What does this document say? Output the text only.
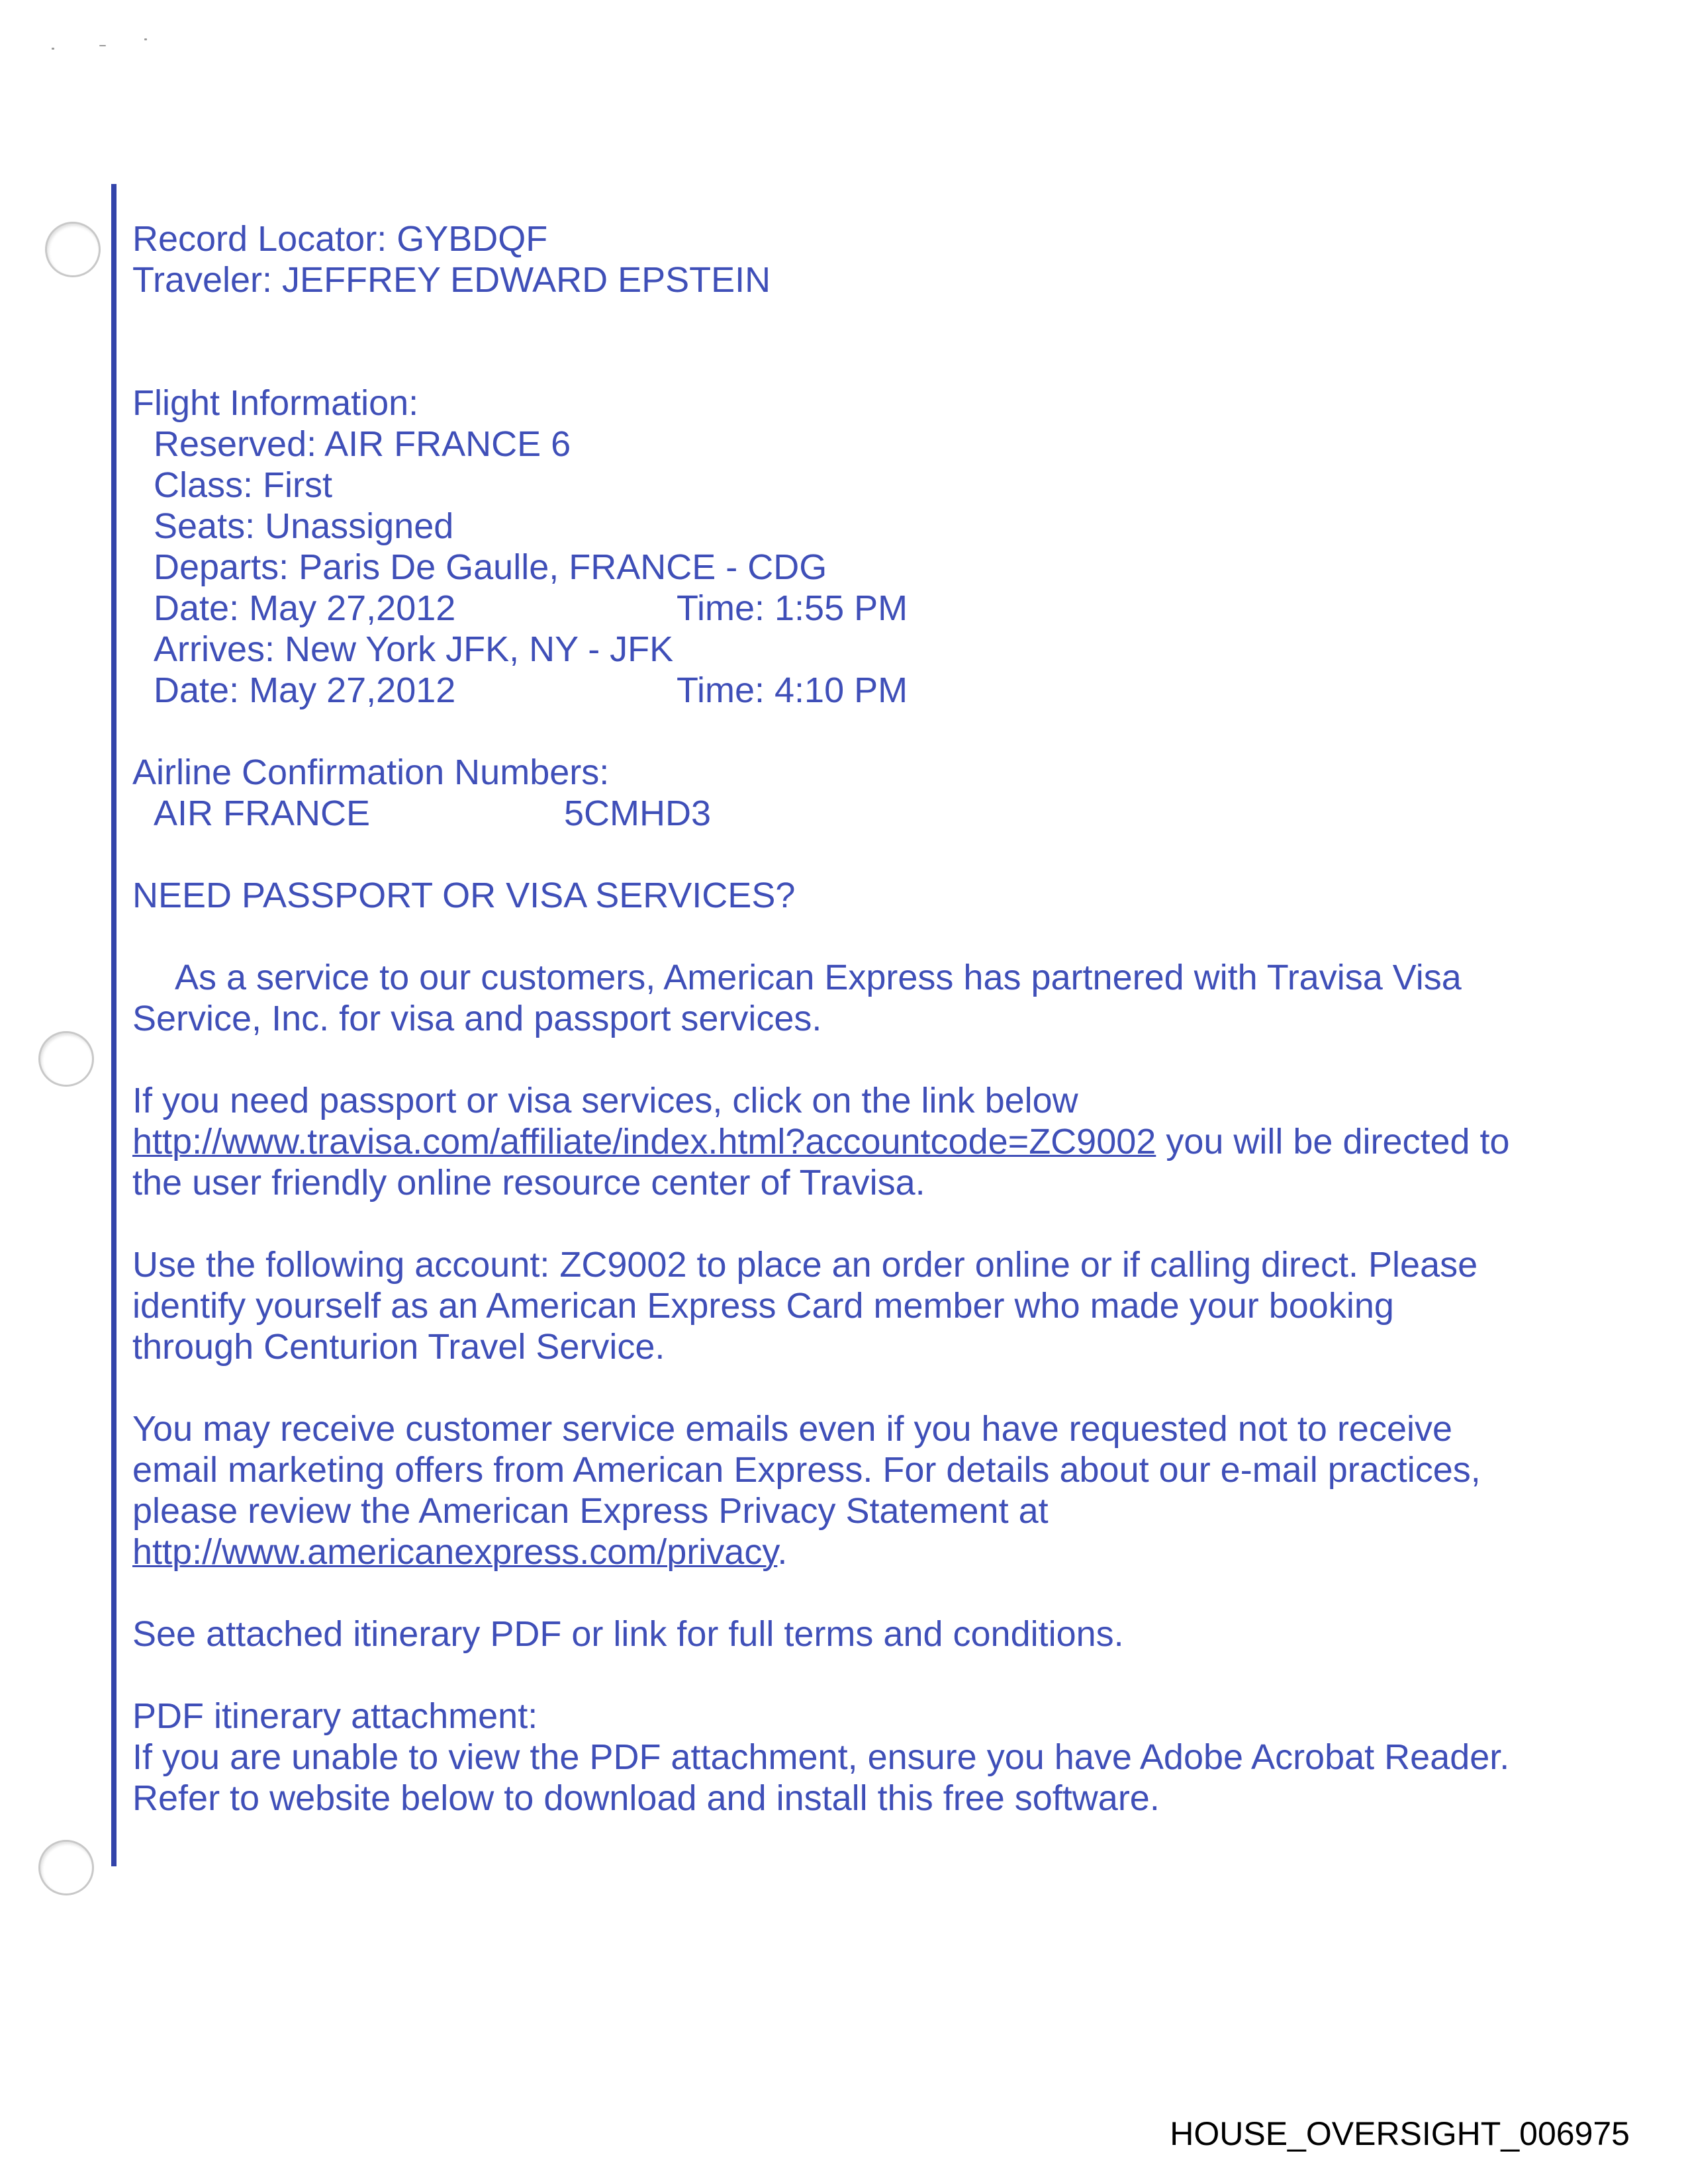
Record Locator: GYBDQF

Traveler: JEFFREY EDWARD EPSTEIN

Flight Information:

Reserved: AIR FRANCE 6

Class: First

Seats: Unassigned

Departs: Paris De Gaulle, FRANCE - CDG

Date: May 27,2012	Time: 1:55 PM

Arrives: New York JFK, NY - JFK

Date: May 27,2012	Time: 4:10 PM

Airline Confirmation Numbers:

AIR FRANCE	5CMHD3

NEED PASSPORT OR VISA SERVICES?

As a service to our customers, American Express has partnered with Travisa Visa

Service, Inc. for visa and passport services.

If you need passport or visa services, click on the link below

http://www.travisa.com/affiliate/index.html?accountcode=ZC9002 you will be directed to

the user friendly online resource center of Travisa.

Use the following account: ZC9002 to place an order online or if calling direct. Please

identify yourself as an American Express Card member who made your booking

through Centurion Travel Service.

You may receive customer service emails even if you have requested not to receive

email marketing offers from American Express. For details about our e-mail practices,

please review the American Express Privacy Statement at

http://www.americanexpress.com/privacy.

See attached itinerary PDF or link for full terms and conditions.

PDF itinerary attachment:

If you are unable to view the PDF attachment, ensure you have Adobe Acrobat Reader.

Refer to website below to download and install this free software.

HOUSE_OVERSIGHT_006975
